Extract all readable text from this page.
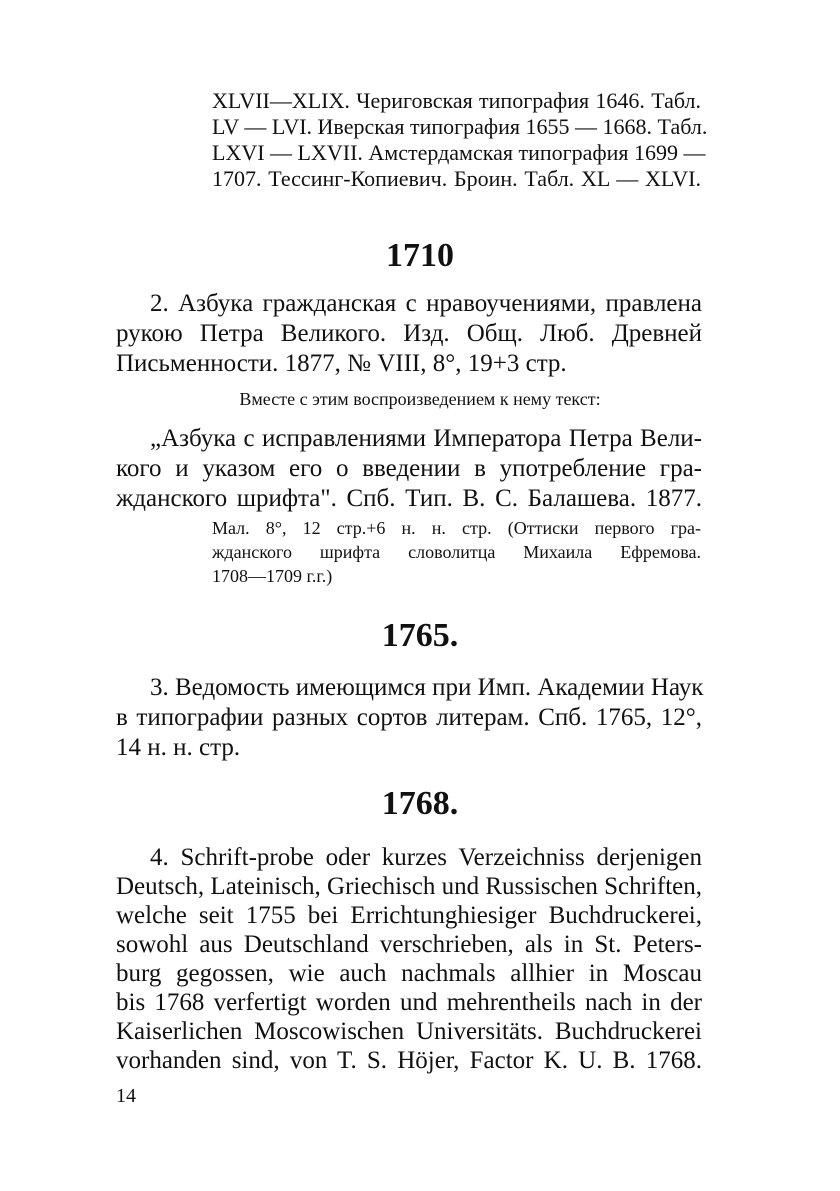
XLVII—XLIX. Чериговская типография 1646. Табл.

LV — LVI. Иверская типография 1655 — 1668. Табл.

LXVI — LXVII. Амстердамская типография 1699 —

1707. Тессинг-Копиевич. Броин. Табл. XL — XLVI.

1710

2. Азбука гражданская с нравоучениями, правлена

рукою Петра Великого. Изд. Общ. Люб. Древней

Письменности. 1877, № VIII, 8°, 19+3 стр.

Вместе с этим воспроизведением к нему текст:

„Азбука с исправлениями Императора Петра Вели-

кого и указом его о введении в употребление гра-

жданского шрифта". Спб. Тип. В. С. Балашева. 1877.

Мал. 8°, 12 стр.+6 н. н. стр. (Оттиски первого гра-

жданского шрифта словолитца Михаила Ефремова.

1708—1709 г.г.)

1765.

3. Ведомость имеющимся при Имп. Академии Наук

в типографии разных сортов литерам. Спб. 1765, 12°,

14 н. н. стр.

1768.

4. Schrift-probe oder kurzes Verzeichniss derjenigen

Deutsch, Lateinisch, Griechisch und Russischen Schriften,

welche seit 1755 bei Errichtunghiesiger Buchdruckerei,

sowohl aus Deutschland verschrieben, als in St. Peters-

burg gegossen, wie auch nachmals allhier in Moscau

bis 1768 verfertigt worden und mehrentheils nach in der

Kaiserlichen Moscowischen Universitäts. Buchdruckerei

vorhanden sind, von T. S. Höjer, Factor K. U. B. 1768.

14
